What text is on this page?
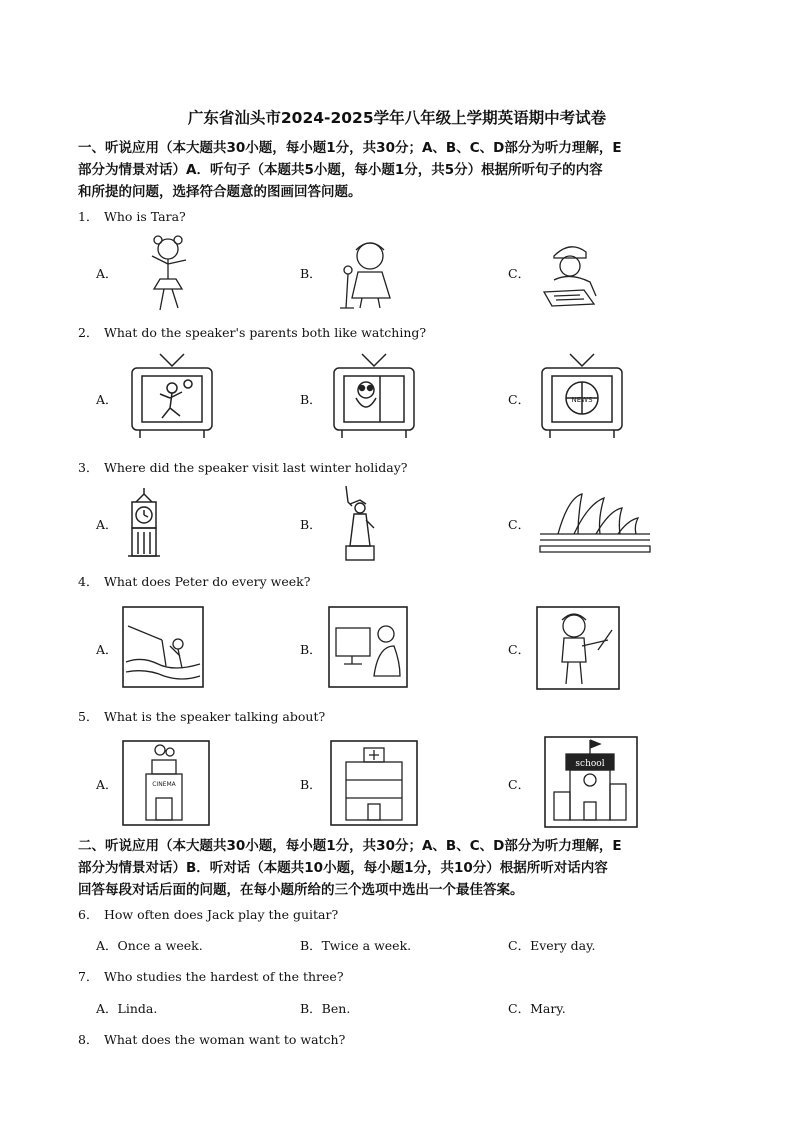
广东省汕头市2024-2025学年八年级上学期英语期中考试卷
一、听说应用（本大题共30小题，每小题1分，共30分；A、B、C、D部分为听力理解，E
部分为情景对话）A．听句子（本题共5小题，每小题1分，共5分）根据所听句子的内容
和所提的问题，选择符合题意的图画回答问题。
1． Who is Tara?
A．	B．	C．
2． What do the speaker's parents both like watching?
A．	B．	C．	NEWS
3． Where did the speaker visit last winter holiday?
A．	B．	C．
4． What does Peter do every week?
A．	B．	C．
5． What is the speaker talking about?
A．	CINEMA	B．	C．
school
二、听说应用（本大题共30小题，每小题1分，共30分；A、B、C、D部分为听力理解，E
部分为情景对话）B．听对话（本题共10小题，每小题1分，共10分）根据所听对话内容
回答每段对话后面的问题，在每小题所给的三个选项中选出一个最佳答案。
6． How often does Jack play the guitar?
A．Once a week.	B．Twice a week.	C．Every day.
7． Who studies the hardest of the three?
A．Linda.	B．Ben.	C．Mary.
8． What does the woman want to watch?
